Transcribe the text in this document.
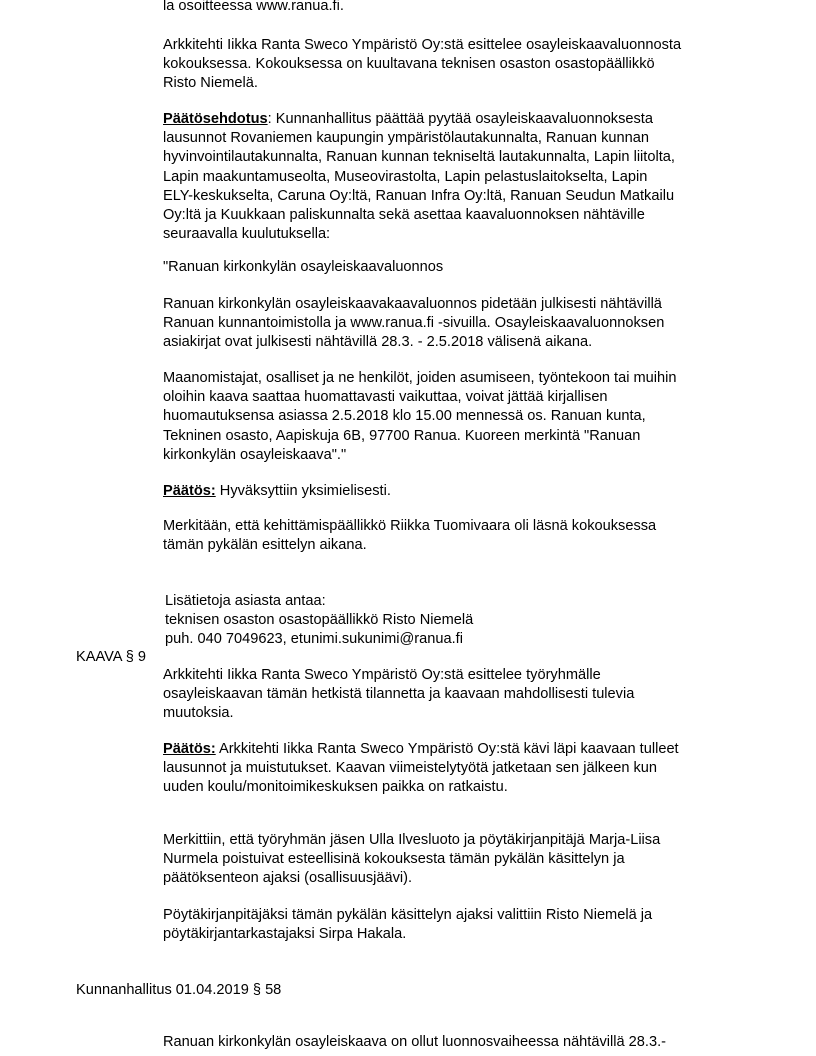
la osoitteessa www.ranua.fi.

Arkkitehti Iikka Ranta Sweco Ympäristö Oy:stä esittelee osayleiskaavaluonnosta
kokouksessa. Kokouksessa on kuultavana teknisen osaston osastopäällikkö
Risto Niemelä.

Päätösehdotus: Kunnanhallitus päättää pyytää osayleiskaavaluonnoksesta
lausunnot Rovaniemen kaupungin ympäristölautakunnalta, Ranuan kunnan
hyvinvointilautakunnalta, Ranuan kunnan tekniseltä lautakunnalta, Lapin liitolta,
Lapin maakuntamuseolta, Museovirastolta, Lapin pelastuslaitokselta, Lapin
ELY-keskukselta, Caruna Oy:ltä, Ranuan Infra Oy:ltä, Ranuan Seudun Matkailu
Oy:ltä ja Kuukkaan paliskunnalta sekä asettaa kaavaluonnoksen nähtäville
seuraavalla kuulutuksella:

"Ranuan kirkonkylän osayleiskaavaluonnos

Ranuan kirkonkylän osayleiskaavakaavaluonnos pidetään julkisesti nähtävillä
Ranuan kunnantoimistolla ja www.ranua.fi -sivuilla. Osayleiskaavaluonnoksen
asiakirjat ovat julkisesti nähtävillä 28.3. - 2.5.2018 välisenä aikana.

Maanomistajat, osalliset ja ne henkilöt, joiden asumiseen, työntekoon tai muihin
oloihin kaava saattaa huomattavasti vaikuttaa, voivat jättää kirjallisen
huomautuksensa asiassa 2.5.2018 klo 15.00 mennessä os. Ranuan kunta,
Tekninen osasto, Aapiskuja 6B, 97700 Ranua. Kuoreen merkintä "Ranuan
kirkonkylän osayleiskaava"."

Päätös: Hyväksyttiin yksimielisesti.

Merkitään, että kehittämispäällikkö Riikka Tuomivaara oli läsnä kokouksessa
tämän pykälän esittelyn aikana.

Lisätietoja asiasta antaa:
teknisen osaston osastopäällikkö Risto Niemelä
puh. 040 7049623, etunimi.sukunimi@ranua.fi

KAAVA § 9

Arkkitehti Iikka Ranta Sweco Ympäristö Oy:stä esittelee työryhmälle
osayleiskaavan tämän hetkistä tilannetta ja kaavaan mahdollisesti tulevia
muutoksia.

Päätös: Arkkitehti Iikka Ranta Sweco Ympäristö Oy:stä kävi läpi kaavaan tulleet
lausunnot ja muistutukset. Kaavan viimeistelytyötä jatketaan sen jälkeen kun
uuden koulu/monitoimikeskuksen paikka on ratkaistu.

Merkittiin, että työryhmän jäsen Ulla Ilvesluoto ja pöytäkirjanpitäjä Marja-Liisa
Nurmela poistuivat esteellisinä kokouksesta tämän pykälän käsittelyn ja
päätöksenteon ajaksi (osallisuusjäävi).

Pöytäkirjanpitäjäksi tämän pykälän käsittelyn ajaksi valittiin Risto Niemelä ja
pöytäkirjantarkastajaksi Sirpa Hakala.

Kunnanhallitus 01.04.2019 § 58

Ranuan kirkonkylän osayleiskaava on ollut luonnosvaiheessa nähtävillä 28.3.-
